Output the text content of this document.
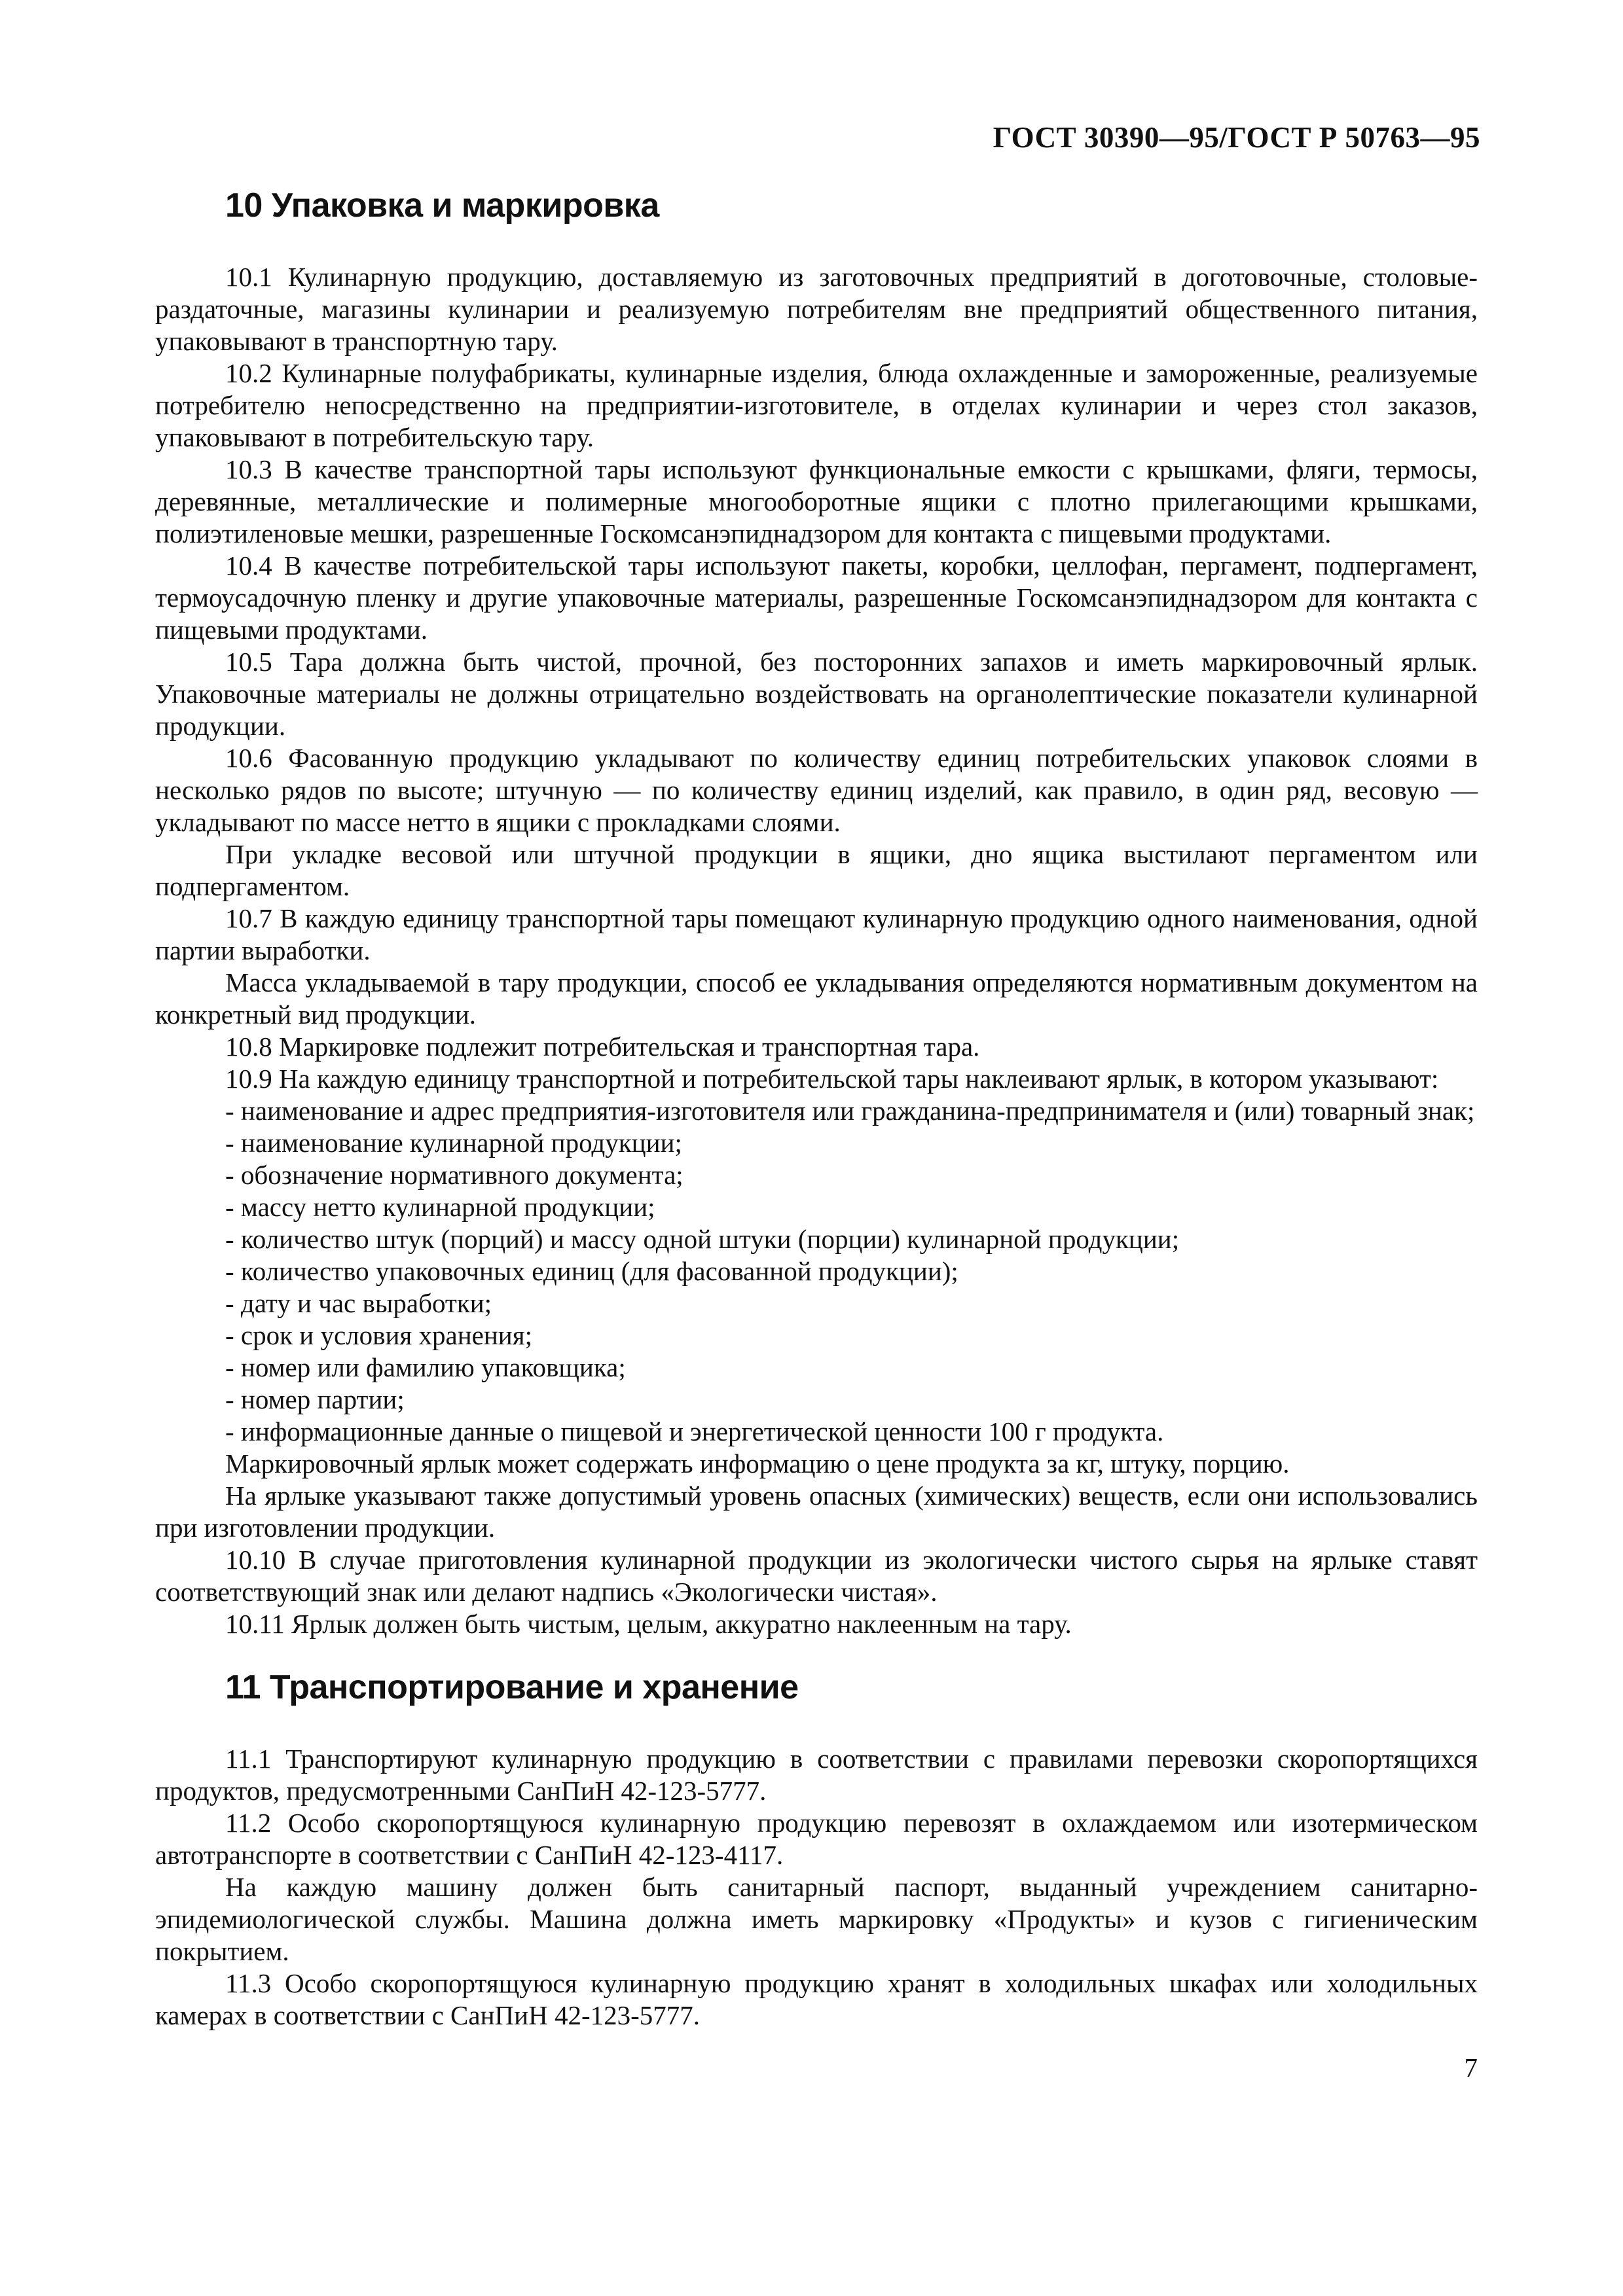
ГОСТ 30390—95/ГОСТ Р 50763—95
10 Упаковка и маркировка

10.1 Кулинарную продукцию, доставляемую из заготовочных предприятий в доготовочные, столовые-раздаточные, магазины кулинарии и реализуемую потребителям вне предприятий общественного питания, упаковывают в транспортную тару.

10.2 Кулинарные полуфабрикаты, кулинарные изделия, блюда охлажденные и замороженные, реализуемые потребителю непосредственно на предприятии-изготовителе, в отделах кулинарии и через стол заказов, упаковывают в потребительскую тару.

10.3 В качестве транспортной тары используют функциональные емкости с крышками, фляги, термосы, деревянные, металлические и полимерные многооборотные ящики с плотно прилегающими крышками, полиэтиленовые мешки, разрешенные Госкомсанэпиднадзором для контакта с пищевыми продуктами.

10.4 В качестве потребительской тары используют пакеты, коробки, целлофан, пергамент, подпергамент, термоусадочную пленку и другие упаковочные материалы, разрешенные Госкомсанэпиднадзором для контакта с пищевыми продуктами.

10.5 Тара должна быть чистой, прочной, без посторонних запахов и иметь маркировочный ярлык. Упаковочные материалы не должны отрицательно воздействовать на органолептические показатели кулинарной продукции.

10.6 Фасованную продукцию укладывают по количеству единиц потребительских упаковок слоями в несколько рядов по высоте; штучную — по количеству единиц изделий, как правило, в один ряд, весовую — укладывают по массе нетто в ящики с прокладками слоями.

При укладке весовой или штучной продукции в ящики, дно ящика выстилают пергаментом или подпергаментом.

10.7 В каждую единицу транспортной тары помещают кулинарную продукцию одного наименования, одной партии выработки.

Масса укладываемой в тару продукции, способ ее укладывания определяются нормативным документом на конкретный вид продукции.

10.8 Маркировке подлежит потребительская и транспортная тара.

10.9 На каждую единицу транспортной и потребительской тары наклеивают ярлык, в котором указывают:

- наименование и адрес предприятия-изготовителя или гражданина-предпринимателя и (или) товарный знак;

- наименование кулинарной продукции;

- обозначение нормативного документа;

- массу нетто кулинарной продукции;

- количество штук (порций) и массу одной штуки (порции) кулинарной продукции;

- количество упаковочных единиц (для фасованной продукции);

- дату и час выработки;

- срок и условия хранения;

- номер или фамилию упаковщика;

- номер партии;

- информационные данные о пищевой и энергетической ценности 100 г продукта.

Маркировочный ярлык может содержать информацию о цене продукта за кг, штуку, порцию.

На ярлыке указывают также допустимый уровень опасных (химических) веществ, если они использовались при изготовлении продукции.

10.10 В случае приготовления кулинарной продукции из экологически чистого сырья на ярлыке ставят соответствующий знак или делают надпись «Экологически чистая».

10.11 Ярлык должен быть чистым, целым, аккуратно наклеенным на тару.

11 Транспортирование и хранение

11.1 Транспортируют кулинарную продукцию в соответствии с правилами перевозки скоропортящихся продуктов, предусмотренными СанПиН 42-123-5777.

11.2 Особо скоропортящуюся кулинарную продукцию перевозят в охлаждаемом или изотермическом автотранспорте в соответствии с СанПиН 42-123-4117.

На каждую машину должен быть санитарный паспорт, выданный учреждением санитарно-эпидемиологической службы. Машина должна иметь маркировку «Продукты» и кузов с гигиеническим покрытием.

11.3 Особо скоропортящуюся кулинарную продукцию хранят в холодильных шкафах или холодильных камерах в соответствии с СанПиН 42-123-5777.

7
